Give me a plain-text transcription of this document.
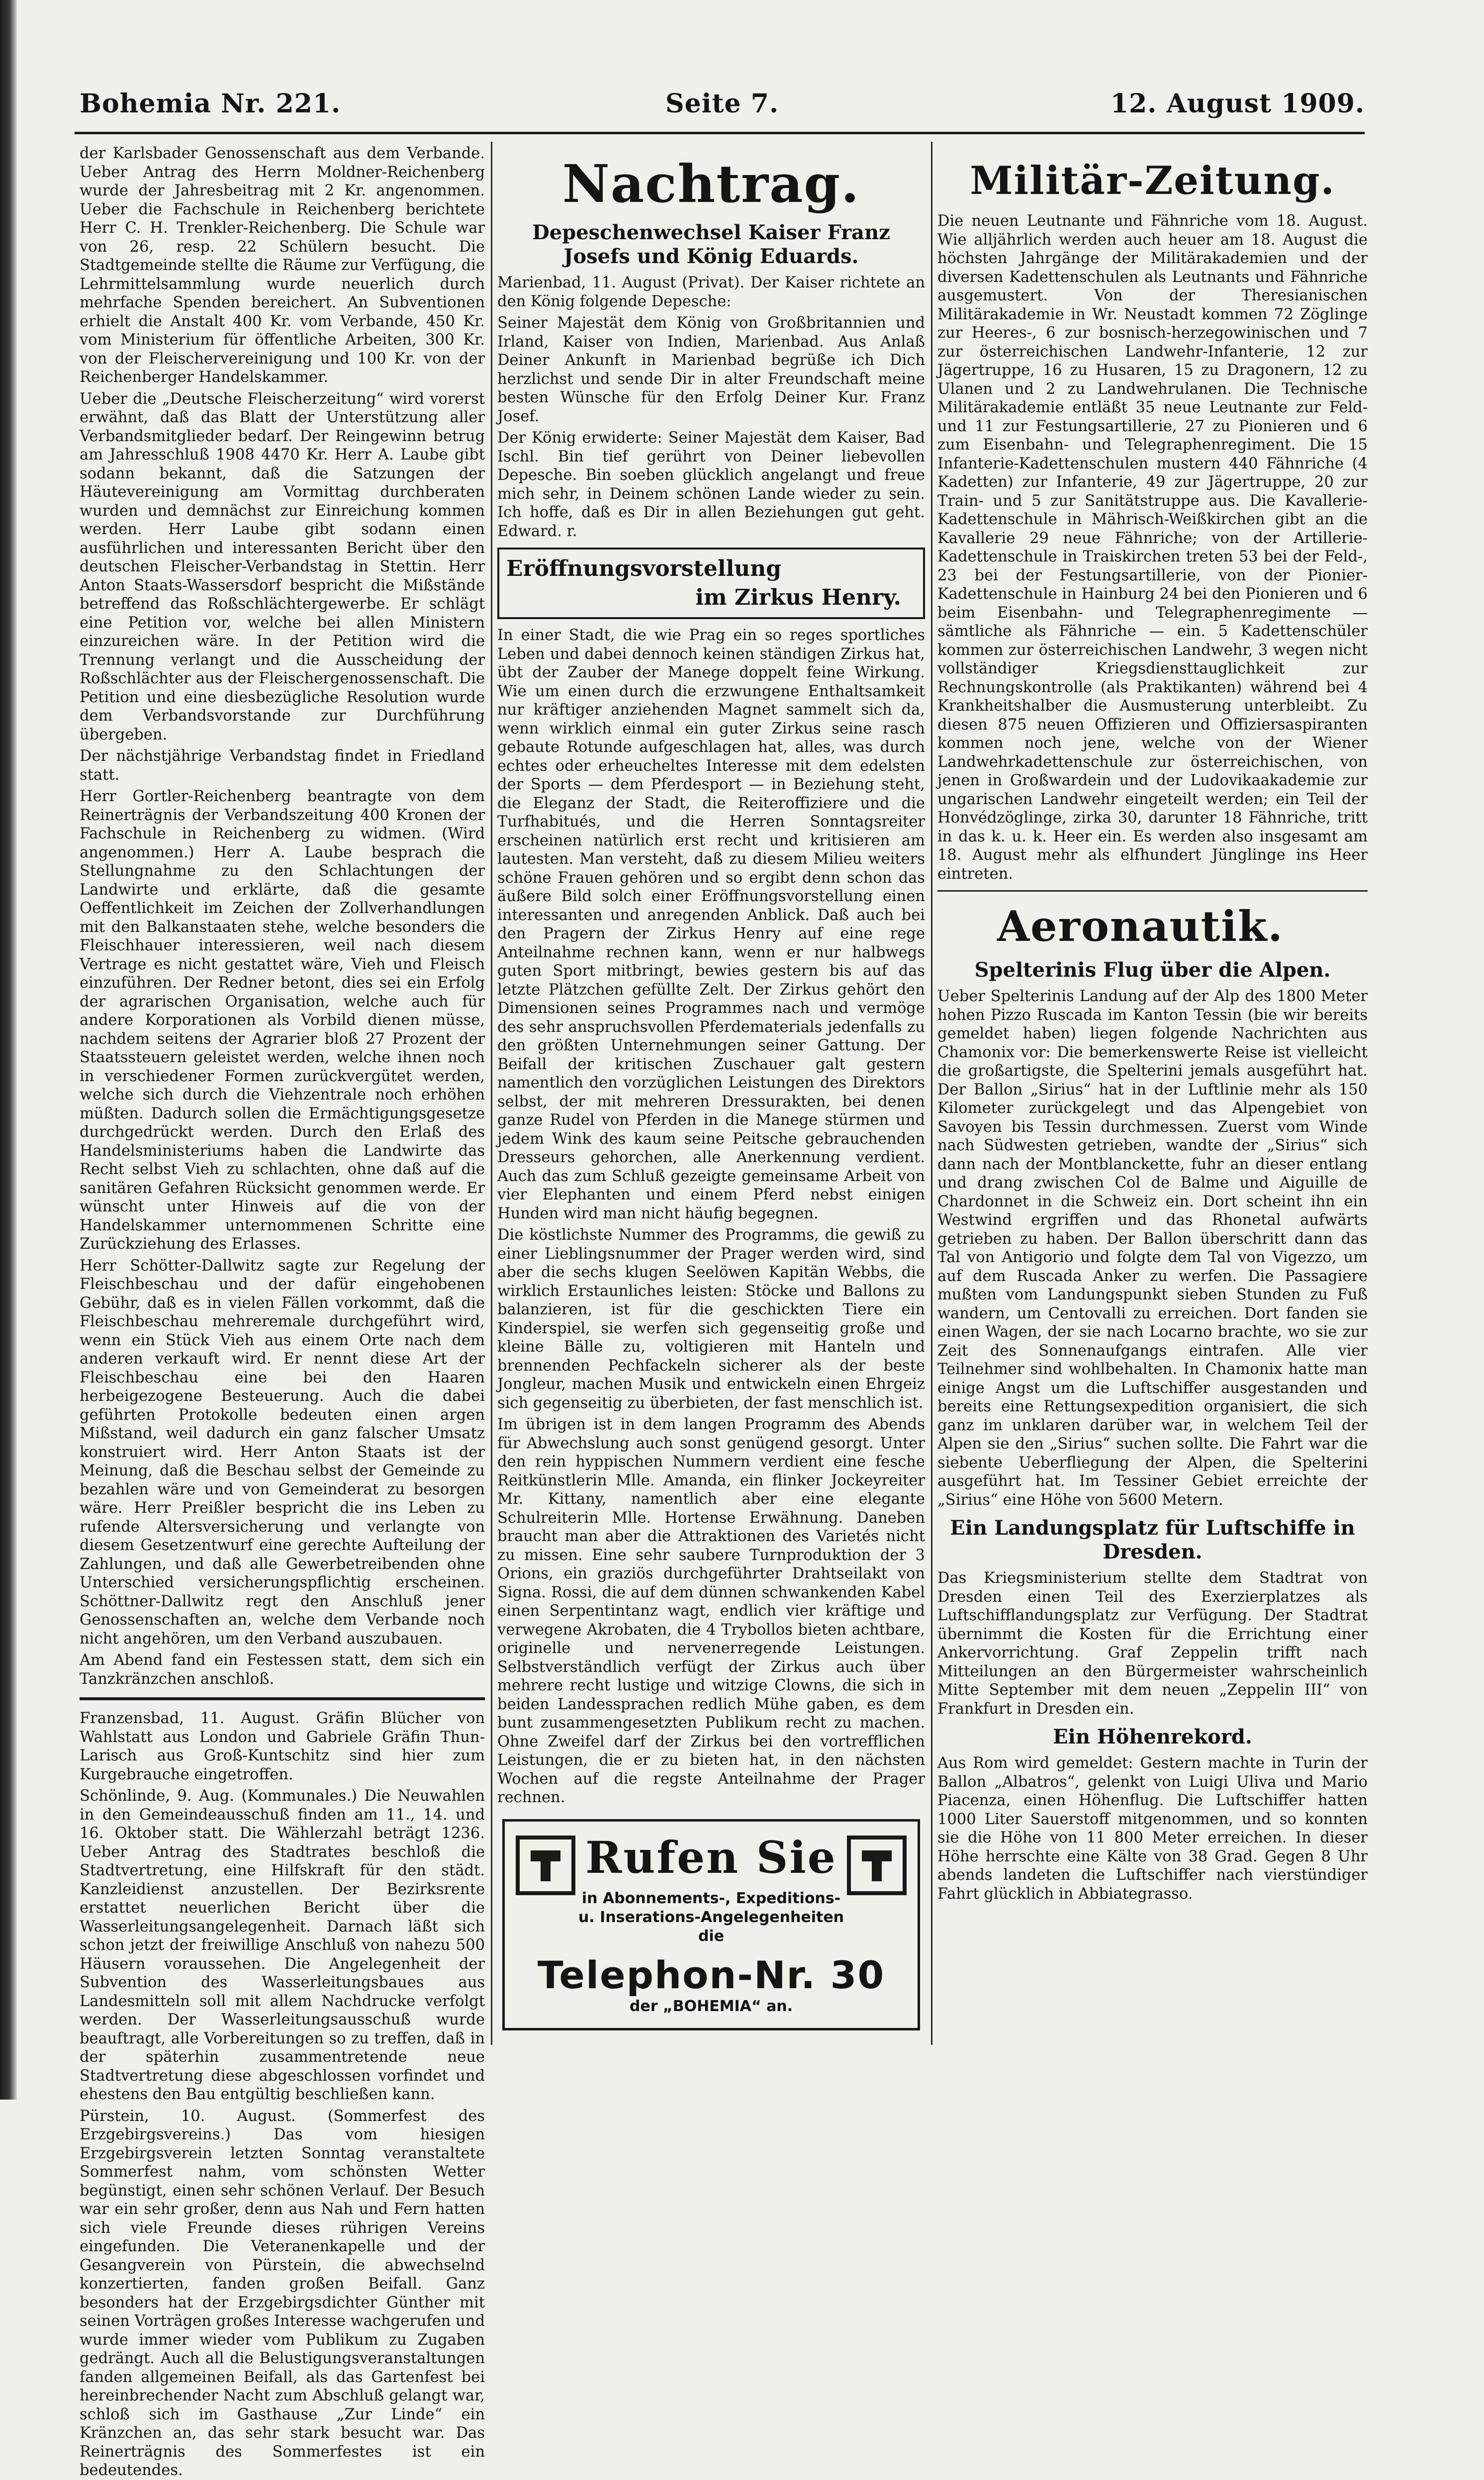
Bohemia Nr. 221.	Seite 7.	12. August 1909.

der Karlsbader Genossenschaft aus dem Verbande. Ueber Antrag des Herrn Moldner-Reichenberg wurde der Jahresbeitrag mit 2 Kr. angenommen. Ueber die Fachschule in Reichenberg berichtete Herr C. H. Trenkler-Reichenberg. Die Schule war von 26, resp. 22 Schülern besucht. Die Stadtgemeinde stellte die Räume zur Verfügung, die Lehrmittelsammlung wurde neuerlich durch mehrfache Spenden bereichert. An Subventionen erhielt die Anstalt 400 Kr. vom Verbande, 450 Kr. vom Ministerium für öffentliche Arbeiten, 300 Kr. von der Fleischervereinigung und 100 Kr. von der Reichenberger Handelskammer.

Ueber die „Deutsche Fleischerzeitung“ wird vorerst erwähnt, daß das Blatt der Unterstützung aller Verbandsmitglieder bedarf. Der Reingewinn betrug am Jahresschluß 1908 4470 Kr. Herr A. Laube gibt sodann bekannt, daß die Satzungen der Häutevereinigung am Vormittag durchberaten wurden und demnächst zur Einreichung kommen werden. Herr Laube gibt sodann einen ausführlichen und interessanten Bericht über den deutschen Fleischer-Verbandstag in Stettin. Herr Anton Staats-Wassersdorf bespricht die Mißstände betreffend das Roßschlächtergewerbe. Er schlägt eine Petition vor, welche bei allen Ministern einzureichen wäre. In der Petition wird die Trennung verlangt und die Ausscheidung der Roßschlächter aus der Fleischergenossenschaft. Die Petition und eine diesbezügliche Resolution wurde dem Verbandsvorstande zur Durchführung übergeben.

Der nächstjährige Verbandstag findet in Friedland statt.

Herr Gortler-Reichenberg beantragte von dem Reinerträgnis der Verbandszeitung 400 Kronen der Fachschule in Reichenberg zu widmen. (Wird angenommen.) Herr A. Laube besprach die Stellungnahme zu den Schlachtungen der Landwirte und erklärte, daß die gesamte Oeffentlichkeit im Zeichen der Zollverhandlungen mit den Balkanstaaten stehe, welche besonders die Fleischhauer interessieren, weil nach diesem Vertrage es nicht gestattet wäre, Vieh und Fleisch einzuführen. Der Redner betont, dies sei ein Erfolg der agrarischen Organisation, welche auch für andere Korporationen als Vorbild dienen müsse, nachdem seitens der Agrarier bloß 27 Prozent der Staatssteuern geleistet werden, welche ihnen noch in verschiedener Formen zurückvergütet werden, welche sich durch die Viehzentrale noch erhöhen müßten. Dadurch sollen die Ermächtigungsgesetze durchgedrückt werden. Durch den Erlaß des Handelsministeriums haben die Landwirte das Recht selbst Vieh zu schlachten, ohne daß auf die sanitären Gefahren Rücksicht genommen werde. Er wünscht unter Hinweis auf die von der Handelskammer unternommenen Schritte eine Zurückziehung des Erlasses.

Herr Schötter-Dallwitz sagte zur Regelung der Fleischbeschau und der dafür eingehobenen Gebühr, daß es in vielen Fällen vorkommt, daß die Fleischbeschau mehreremale durchgeführt wird, wenn ein Stück Vieh aus einem Orte nach dem anderen verkauft wird. Er nennt diese Art der Fleischbeschau eine bei den Haaren herbeigezogene Besteuerung. Auch die dabei geführten Protokolle bedeuten einen argen Mißstand, weil dadurch ein ganz falscher Umsatz konstruiert wird. Herr Anton Staats ist der Meinung, daß die Beschau selbst der Gemeinde zu bezahlen wäre und von Gemeinderat zu besorgen wäre. Herr Preißler bespricht die ins Leben zu rufende Altersversicherung und verlangte von diesem Gesetzentwurf eine gerechte Aufteilung der Zahlungen, und daß alle Gewerbetreibenden ohne Unterschied versicherungspflichtig erscheinen. Schöttner-Dallwitz regt den Anschluß jener Genossenschaften an, welche dem Verbande noch nicht angehören, um den Verband auszubauen.

Am Abend fand ein Festessen statt, dem sich ein Tanzkränzchen anschloß.

Franzensbad, 11. August. Gräfin Blücher von Wahlstatt aus London und Gabriele Gräfin Thun-Larisch aus Groß-Kuntschitz sind hier zum Kurgebrauche eingetroffen.

Schönlinde, 9. Aug. (Kommunales.) Die Neuwahlen in den Gemeindeausschuß finden am 11., 14. und 16. Oktober statt. Die Wählerzahl beträgt 1236. Ueber Antrag des Stadtrates beschloß die Stadtvertretung, eine Hilfskraft für den städt. Kanzleidienst anzustellen. Der Bezirksrente erstattet neuerlichen Bericht über die Wasserleitungsangelegenheit. Darnach läßt sich schon jetzt der freiwillige Anschluß von nahezu 500 Häusern voraussehen. Die Angelegenheit der Subvention des Wasserleitungsbaues aus Landesmitteln soll mit allem Nachdrucke verfolgt werden. Der Wasserleitungsausschuß wurde beauftragt, alle Vorbereitungen so zu treffen, daß in der späterhin zusammentretende neue Stadtvertretung diese abgeschlossen vorfindet und ehestens den Bau entgültig beschließen kann.

Pürstein, 10. August. (Sommerfest des Erzgebirgsvereins.) Das vom hiesigen Erzgebirgsverein letzten Sonntag veranstaltete Sommerfest nahm, vom schönsten Wetter begünstigt, einen sehr schönen Verlauf. Der Besuch war ein sehr großer, denn aus Nah und Fern hatten sich viele Freunde dieses rührigen Vereins eingefunden. Die Veteranenkapelle und der Gesangverein von Pürstein, die abwechselnd konzertierten, fanden großen Beifall. Ganz besonders hat der Erzgebirgsdichter Günther mit seinen Vorträgen großes Interesse wachgerufen und wurde immer wieder vom Publikum zu Zugaben gedrängt. Auch all die Belustigungsveranstaltungen fanden allgemeinen Beifall, als das Gartenfest bei hereinbrechender Nacht zum Abschluß gelangt war, schloß sich im Gasthause „Zur Linde“ ein Kränzchen an, das sehr stark besucht war. Das Reinerträgnis des Sommerfestes ist ein bedeutendes.

Nachtrag.
Depeschenwechsel Kaiser Franz Josefs und König Eduards.

Marienbad, 11. August (Privat). Der Kaiser richtete an den König folgende Depesche:

Seiner Majestät dem König von Großbritannien und Irland, Kaiser von Indien, Marienbad. Aus Anlaß Deiner Ankunft in Marienbad begrüße ich Dich herzlichst und sende Dir in alter Freundschaft meine besten Wünsche für den Erfolg Deiner Kur. Franz Josef.

Der König erwiderte: Seiner Majestät dem Kaiser, Bad Ischl. Bin tief gerührt von Deiner liebevollen Depesche. Bin soeben glücklich angelangt und freue mich sehr, in Deinem schönen Lande wieder zu sein. Ich hoffe, daß es Dir in allen Beziehungen gut geht. Edward. r.

Eröffnungsvorstellung
im Zirkus Henry.

In einer Stadt, die wie Prag ein so reges sportliches Leben und dabei dennoch keinen ständigen Zirkus hat, übt der Zauber der Manege doppelt feine Wirkung. Wie um einen durch die erzwungene Enthaltsamkeit nur kräftiger anziehenden Magnet sammelt sich da, wenn wirklich einmal ein guter Zirkus seine rasch gebaute Rotunde aufgeschlagen hat, alles, was durch echtes oder erheucheltes Interesse mit dem edelsten der Sports — dem Pferdesport — in Beziehung steht, die Eleganz der Stadt, die Reiteroffiziere und die Turfhabitués, und die Herren Sonntagsreiter erscheinen natürlich erst recht und kritisieren am lautesten. Man versteht, daß zu diesem Milieu weiters schöne Frauen gehören und so ergibt denn schon das äußere Bild solch einer Eröffnungsvorstellung einen interessanten und anregenden Anblick. Daß auch bei den Pragern der Zirkus Henry auf eine rege Anteilnahme rechnen kann, wenn er nur halbwegs guten Sport mitbringt, bewies gestern bis auf das letzte Plätzchen gefüllte Zelt. Der Zirkus gehört den Dimensionen seines Programmes nach und vermöge des sehr anspruchsvollen Pferdematerials jedenfalls zu den größten Unternehmungen seiner Gattung. Der Beifall der kritischen Zuschauer galt gestern namentlich den vorzüglichen Leistungen des Direktors selbst, der mit mehreren Dressurakten, bei denen ganze Rudel von Pferden in die Manege stürmen und jedem Wink des kaum seine Peitsche gebrauchenden Dresseurs gehorchen, alle Anerkennung verdient. Auch das zum Schluß gezeigte gemeinsame Arbeit von vier Elephanten und einem Pferd nebst einigen Hunden wird man nicht häufig begegnen.

Die köstlichste Nummer des Programms, die gewiß zu einer Lieblingsnummer der Prager werden wird, sind aber die sechs klugen Seelöwen Kapitän Webbs, die wirklich Erstaunliches leisten: Stöcke und Ballons zu balanzieren, ist für die geschickten Tiere ein Kinderspiel, sie werfen sich gegenseitig große und kleine Bälle zu, voltigieren mit Hanteln und brennenden Pechfackeln sicherer als der beste Jongleur, machen Musik und entwickeln einen Ehrgeiz sich gegenseitig zu überbieten, der fast menschlich ist.

Im übrigen ist in dem langen Programm des Abends für Abwechslung auch sonst genügend gesorgt. Unter den rein hyppischen Nummern verdient eine fesche Reitkünstlerin Mlle. Amanda, ein flinker Jockeyreiter Mr. Kittany, namentlich aber eine elegante Schulreiterin Mlle. Hortense Erwähnung. Daneben braucht man aber die Attraktionen des Varietés nicht zu missen. Eine sehr saubere Turnproduktion der 3 Orions, ein graziös durchgeführter Drahtseilakt von Signa. Rossi, die auf dem dünnen schwankenden Kabel einen Serpentintanz wagt, endlich vier kräftige und verwegene Akrobaten, die 4 Trybollos bieten achtbare, originelle und nervenerregende Leistungen. Selbstverständlich verfügt der Zirkus auch über mehrere recht lustige und witzige Clowns, die sich in beiden Landessprachen redlich Mühe gaben, es dem bunt zusammengesetzten Publikum recht zu machen. Ohne Zweifel darf der Zirkus bei den vortrefflichen Leistungen, die er zu bieten hat, in den nächsten Wochen auf die regste Anteilnahme der Prager rechnen.

Rufen Sie
in Abonnements-, Expeditions- u. Inserations-Angelegenheiten die
Telephon-Nr. 30
der „BOHEMIA“ an.
Militär-Zeitung.

Die neuen Leutnante und Fähnriche vom 18. August. Wie alljährlich werden auch heuer am 18. August die höchsten Jahrgänge der Militärakademien und der diversen Kadettenschulen als Leutnants und Fähnriche ausgemustert. Von der Theresianischen Militärakademie in Wr. Neustadt kommen 72 Zöglinge zur Heeres-, 6 zur bosnisch-herzegowinischen und 7 zur österreichischen Landwehr-Infanterie, 12 zur Jägertruppe, 16 zu Husaren, 15 zu Dragonern, 12 zu Ulanen und 2 zu Landwehrulanen. Die Technische Militärakademie entläßt 35 neue Leutnante zur Feld- und 11 zur Festungsartillerie, 27 zu Pionieren und 6 zum Eisenbahn- und Telegraphenregiment. Die 15 Infanterie-Kadettenschulen mustern 440 Fähnriche (4 Kadetten) zur Infanterie, 49 zur Jägertruppe, 20 zur Train- und 5 zur Sanitätstruppe aus. Die Kavallerie-Kadettenschule in Mährisch-Weißkirchen gibt an die Kavallerie 29 neue Fähnriche; von der Artillerie-Kadettenschule in Traiskirchen treten 53 bei der Feld-, 23 bei der Festungsartillerie, von der Pionier-Kadettenschule in Hainburg 24 bei den Pionieren und 6 beim Eisenbahn- und Telegraphenregimente — sämtliche als Fähnriche — ein. 5 Kadettenschüler kommen zur österreichischen Landwehr, 3 wegen nicht vollständiger Kriegsdiensttauglichkeit zur Rechnungskontrolle (als Praktikanten) während bei 4 Krankheitshalber die Ausmusterung unterbleibt. Zu diesen 875 neuen Offizieren und Offiziersaspiranten kommen noch jene, welche von der Wiener Landwehrkadettenschule zur österreichischen, von jenen in Großwardein und der Ludovikaakademie zur ungarischen Landwehr eingeteilt werden; ein Teil der Honvédzöglinge, zirka 30, darunter 18 Fähnriche, tritt in das k. u. k. Heer ein. Es werden also insgesamt am 18. August mehr als elfhundert Jünglinge ins Heer eintreten.

Aeronautik.
Spelterinis Flug über die Alpen.

Ueber Spelterinis Landung auf der Alp des 1800 Meter hohen Pizzo Ruscada im Kanton Tessin (bie wir bereits gemeldet haben) liegen folgende Nachrichten aus Chamonix vor: Die bemerkenswerte Reise ist vielleicht die großartigste, die Spelterini jemals ausgeführt hat. Der Ballon „Sirius“ hat in der Luftlinie mehr als 150 Kilometer zurückgelegt und das Alpengebiet von Savoyen bis Tessin durchmessen. Zuerst vom Winde nach Südwesten getrieben, wandte der „Sirius“ sich dann nach der Montblanckette, fuhr an dieser entlang und drang zwischen Col de Balme und Aiguille de Chardonnet in die Schweiz ein. Dort scheint ihn ein Westwind ergriffen und das Rhonetal aufwärts getrieben zu haben. Der Ballon überschritt dann das Tal von Antigorio und folgte dem Tal von Vigezzo, um auf dem Ruscada Anker zu werfen. Die Passagiere mußten vom Landungspunkt sieben Stunden zu Fuß wandern, um Centovalli zu erreichen. Dort fanden sie einen Wagen, der sie nach Locarno brachte, wo sie zur Zeit des Sonnenaufgangs eintrafen. Alle vier Teilnehmer sind wohlbehalten. In Chamonix hatte man einige Angst um die Luftschiffer ausgestanden und bereits eine Rettungsexpedition organisiert, die sich ganz im unklaren darüber war, in welchem Teil der Alpen sie den „Sirius“ suchen sollte. Die Fahrt war die siebente Ueberfliegung der Alpen, die Spelterini ausgeführt hat. Im Tessiner Gebiet erreichte der „Sirius“ eine Höhe von 5600 Metern.

Ein Landungsplatz für Luftschiffe in Dresden.

Das Kriegsministerium stellte dem Stadtrat von Dresden einen Teil des Exerzierplatzes als Luftschifflandungsplatz zur Verfügung. Der Stadtrat übernimmt die Kosten für die Errichtung einer Ankervorrichtung. Graf Zeppelin trifft nach Mitteilungen an den Bürgermeister wahrscheinlich Mitte September mit dem neuen „Zeppelin III“ von Frankfurt in Dresden ein.

Ein Höhenrekord.

Aus Rom wird gemeldet: Gestern machte in Turin der Ballon „Albatros“, gelenkt von Luigi Uliva und Mario Piacenza, einen Höhenflug. Die Luftschiffer hatten 1000 Liter Sauerstoff mitgenommen, und so konnten sie die Höhe von 11 800 Meter erreichen. In dieser Höhe herrschte eine Kälte von 38 Grad. Gegen 8 Uhr abends landeten die Luftschiffer nach vierstündiger Fahrt glücklich in Abbiategrasso.
